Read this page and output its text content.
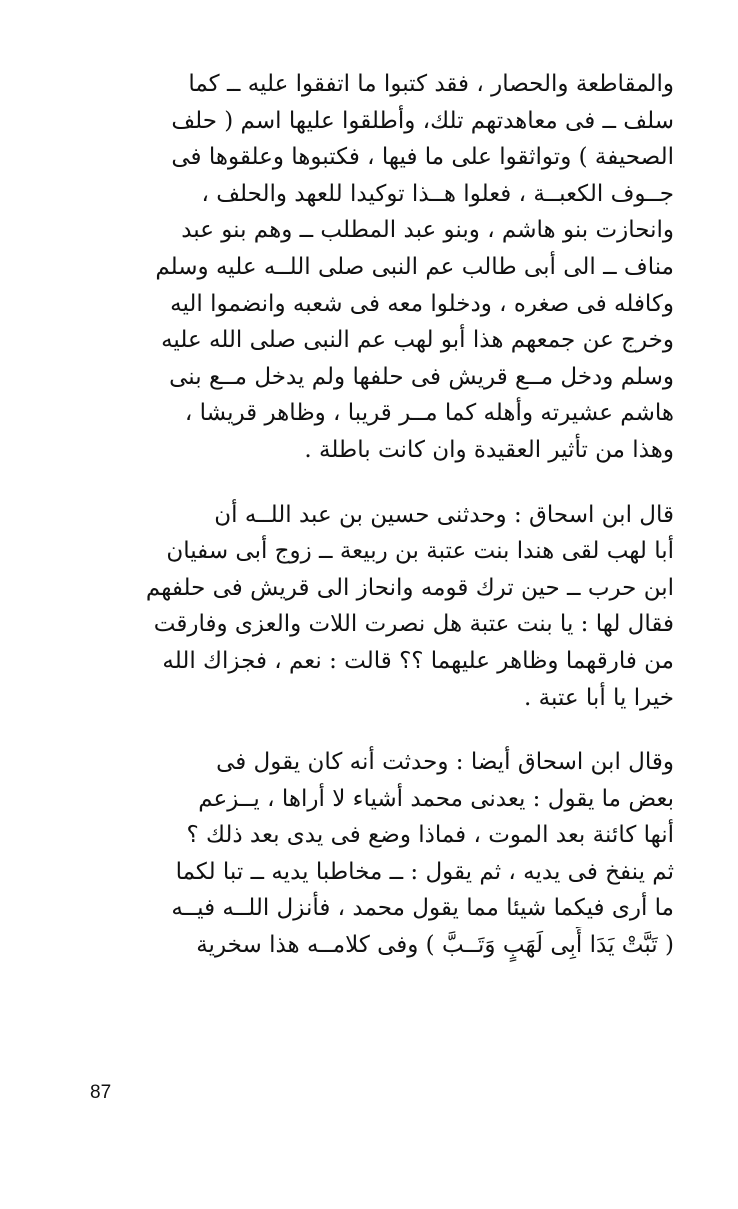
والمقاطعة والحصار ، فقد كتبوا ما اتفقوا عليه ــ كما
سلف ــ فى معاهدتهم تلك، وأطلقوا عليها اسم ( حلف
الصحيفة ) وتواثقوا على ما فيها ، فكتبوها وعلقوها فى
جــوف الكعبــة ، فعلوا هــذا توكيدا للعهد والحلف ،
وانحازت بنو هاشم ، وبنو عبد المطلب ــ وهم بنو عبد
مناف ــ الى أبى طالب عم النبى صلى اللــه عليه وسلم
وكافله فى صغره ، ودخلوا معه فى شعبه وانضموا اليه
وخرج عن جمعهم هذا أبو لهب عم النبى صلى الله عليه
وسلم ودخل مــع قريش فى حلفها ولم يدخل مــع بنى
هاشم عشيرته وأهله كما مــر قريبا ، وظاهر قريشا ،
وهذا من تأثير العقيدة وان كانت باطلة .
قال ابن اسحاق : وحدثنى حسين بن عبد اللــه أن
أبا لهب لقى هندا بنت عتبة بن ربيعة ــ زوج أبى سفيان
ابن حرب ــ حين ترك قومه وانحاز الى قريش فى حلفهم
فقال لها : يا بنت عتبة هل نصرت اللات والعزى وفارقت
من فارقهما وظاهر عليهما ؟؟ قالت : نعم ، فجزاك الله
خيرا يا أبا عتبة .
وقال ابن اسحاق أيضا : وحدثت أنه كان يقول فى
بعض ما يقول : يعدنى محمد أشياء لا أراها ، يــزعم
أنها كائنة بعد الموت ، فماذا وضع فى يدى بعد ذلك ؟
ثم ينفخ فى يديه ، ثم يقول : ــ مخاطبا يديه ــ تبا لكما
ما أرى فيكما شيئا مما يقول محمد ، فأنزل اللــه فيــه
( تَبَّتْ يَدَا أَبِى لَهَبٍ وَتَــبَّ ) وفى كلامــه هذا سخرية
87
